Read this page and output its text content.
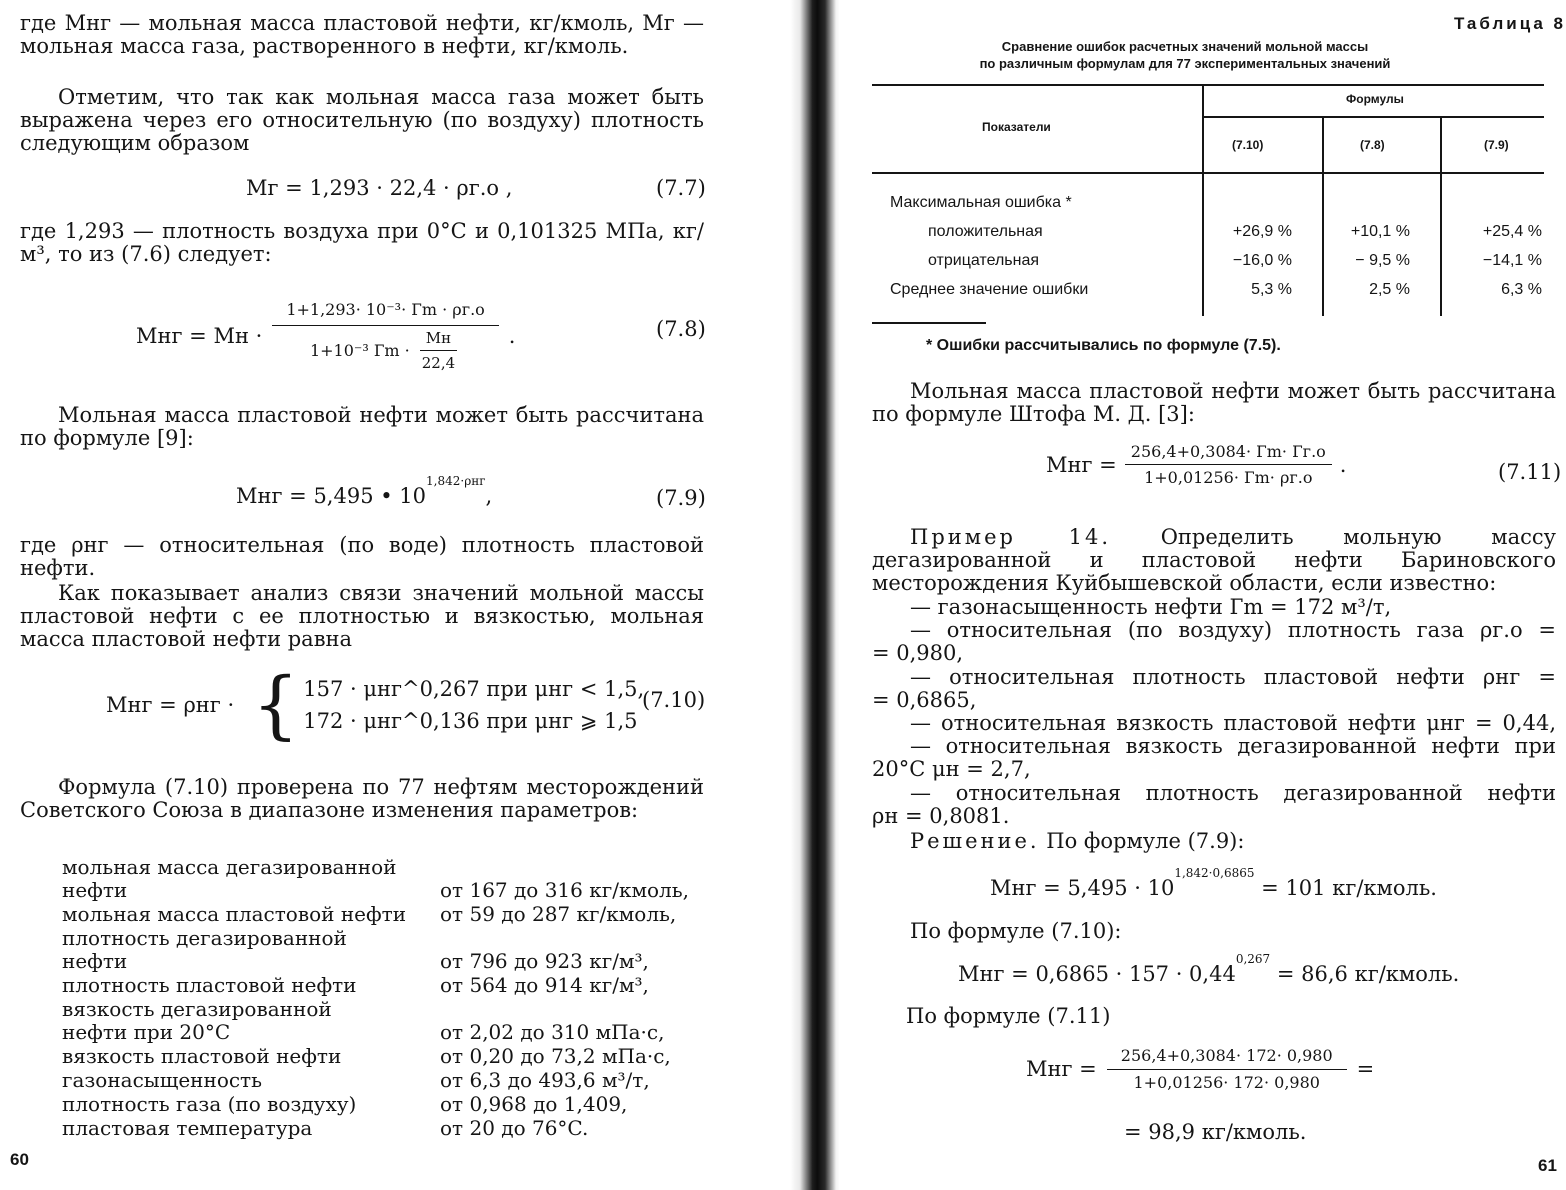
где Mнг — мольная масса пластовой нефти, кг/кмоль, Mг — мольная масса газа, растворенного в нефти, кг/кмоль.
Отметим, что так как мольная масса газа может быть выражена через его относительную (по воздуху) плотность следующим образом
Mг = 1,293 · 22,4 · ρг.о ,	(7.7)
где 1,293 — плотность воздуха при 0°C и 0,101325 МПа, кг/м³, то из (7.6) следует:
Mнг = Mн · $\frac{\text{1+1,293· 10⁻³· Гm · ρг.о}}{1+10^{-3} Гm \cdot \frac{Mн}{22,4}}$ .	(7.8)
Мольная масса пластовой нефти может быть рассчитана по формуле [9]:
Mнг = 5,495 • $10^{1,842\cdot\rho нг}$,	(7.9)
где ρнг — относительная (по воде) плотность пластовой нефти.
Как показывает анализ связи значений мольной массы пластовой нефти с ее плотностью и вязкостью, мольная масса пластовой нефти равна
Mнг = ρнг · { 157 · μнг^0,267 при μнг < 1,5,
172 · μнг^0,136 при μнг ⩾ 1,5
(7.10)
Формула (7.10) проверена по 77 нефтям месторождений Советского Союза в диапазоне изменения параметров:
мольная масса дегазированной
нефти	от 167 до 316 кг/кмоль,
мольная масса пластовой нефти от 59 до 287 кг/кмоль,
плотность дегазированной
нефти	от 796 до 923 кг/м³,
плотность пластовой нефти	от 564 до 914 кг/м³,
вязкость дегазированной
нефти при 20°C	от 2,02 до 310 мПа·с,
вязкость пластовой нефти	от 0,20 до 73,2 мПа·с,
газонасыщенность	от 6,3 до 493,6 м³/т,
плотность газа (по воздуху)	от 0,968 до 1,409,
пластовая температура	от 20 до 76°C.
60
Таблица 8
Сравнение ошибок расчетных значений мольной массы
по различным формулам для 77 экспериментальных значений
Показатели
Формулы
(7.10)	(7.8)	(7.9)
Максимальная ошибка *
положительная	+26,9 %	+10,1 %	+25,4 %
отрицательная	−16,0 %	− 9,5 %	−14,1 %
Среднее значение ошибки	5,3 %	2,5 %	6,3 %
* Ошибки рассчитывались по формуле (7.5).
Мольная масса пластовой нефти может быть рассчитана по формуле Штофа М. Д. [3]:
Mнг = $\frac{256,4+0,3084\cdot Гm\cdot Гг.о}{1+0,01256\cdot Гm\cdot \rho г.о}$ .	(7.11)
Пример 14. Определить мольную массу дегазированной и пластовой нефти Бариновского месторождения Куйбышевской области, если известно:
— газонасыщенность нефти Гm = 172 м³/т,
— относительная (по воздуху) плотность газа ρг.о =
= 0,980,
— относительная плотность пластовой нефти ρнг =
= 0,6865,
— относительная вязкость пластовой нефти μнг = 0,44,
— относительная вязкость дегазированной нефти при
20°C μн = 2,7,
— относительная плотность дегазированной нефти
ρн = 0,8081.
Решение. По формуле (7.9):
Mнг = $5,495 \cdot 10^{1,842\cdot 0,6865} = 101$ кг/кмоль.
По формуле (7.10):
Mнг = $0,6865 \cdot 157 \cdot 0,44^{0,267} = 86,6$ кг/кмоль.
По формуле (7.11)
Mнг = $\frac{256,4+0,3084\cdot 172\cdot 0,980}{1+0,01256\cdot 172\cdot 0,980}$ =
= 98,9 кг/кмоль.
61
